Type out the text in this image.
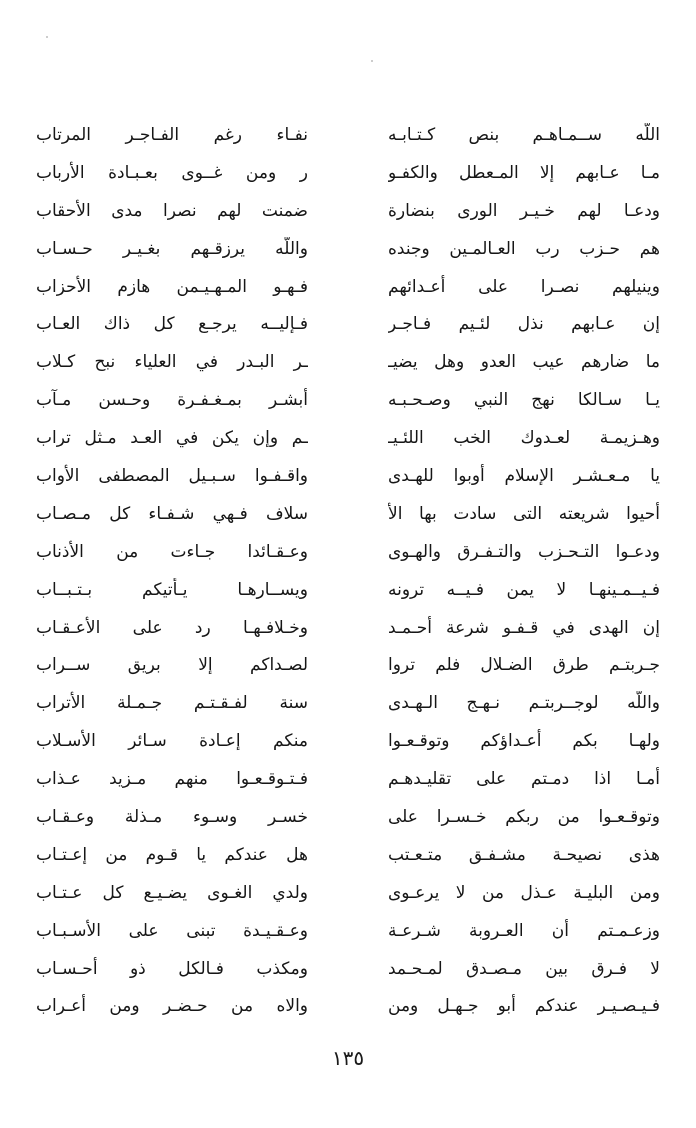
اللّه ســمـاهـم بنص كـتـابـه
نفـاء رغم الفـاجـر المرتاب
مـا عـابهم إلا المـعطل والكفـو
ر ومن غــوى بعـبـادة الأرباب
ودعـا لهم خـيـر الورى بنضارة
ضمنت لهم نصرا مدى الأحقاب
هم حـزب رب العـالمـين وجنده
واللّه يرزقـهم بغـيـر حـسـاب
وينيلهم نصـرا على أعـدائهم
فـهـو المـهـيـمن هازم الأحزاب
إن عـابهم نذل لئـيم فـاجـر
فـإليــه يرجـع كل ذاك العـاب
ما ضارهم عيب العدو وهل يضيـ
ـر البـدر في العلياء نبح كـلاب
يـا سـالكا نهج النبي وصـحـبـه
أبشـر بمـغـفـرة وحـسن مـآب
وهـزيمـة لعـدوك الخب اللئـيـ
ـم وإن يكن في العـد مـثل تراب
يا مـعـشـر الإسلام أوبوا للهـدى
واقـفـوا سـبـيل المصطفى الأواب
أحيوا شريعته التى سادت بها الأ
سلاف فـهي شـفـاء كل مـصـاب
ودعـوا التـحـزب والتـفـرق والهـوى
وعـقـائدا جـاءت من الأذناب
فـيــمـينهـا لا يمن فـيــه ترونه
ويســارهـا يـأتيكم بـتـبــاب
إن الهدى في قـفـو شرعة أحـمـد
وخـلافـهـا رد على الأعـقـاب
جـربتـم طرق الضـلال فلم تروا
لصـداكم إلا بريق ســراب
واللّه لوجــربتـم نـهـج الـهـدى
سنة لفـقـتـم جـمـلة الأتراب
ولهـا بكم أعـداؤكم وتوقـعـوا
منكم إعـادة سـائر الأسـلاب
أمـا اذا دمـتم على تقليـدهـم
فـتـوقـعـوا منهم مـزيد عـذاب
وتوقـعـوا من ربكم خـسـرا على
خسـر وسـوء مـذلة وعـقـاب
هذى نصيحـة مشـفـق متـعـتب
هل عندكم يا قـوم من إعـتـاب
ومن البليـة عـذل من لا يرعـوى
ولدي الغـوى يضـيـع كل عـتـاب
وزعـمـتم أن العـروبة شـرعـة
وعـقـيـدة تبنى على الأسـبـاب
لا فـرق بين مـصـدق لمـحـمد
ومكذب فـالكل ذو أحـسـاب
فـيـصـيـر عندكم أبو جـهـل ومن
والاه من حـضـر ومن أعـراب
١٣٥
